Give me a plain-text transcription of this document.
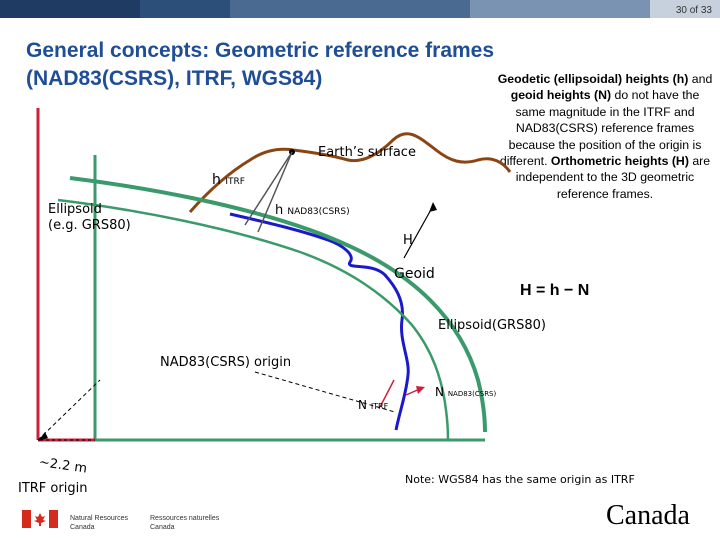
30 of 33
General concepts: Geometric reference frames
(NAD83(CSRS), ITRF, WGS84)	Geodetic (ellipsoidal) heights (h) and geoid heights (N) do not have the same magnitude in the ITRF and NAD83(CSRS) reference frames because the position of the origin is different. Orthometric heights (H) are independent to the 3D geometric reference frames.
H = h − N
Earth’s surface
h ITRF
h NAD83(CSRS)
H
Ellipsoid
(e.g. GRS80)
Geoid
Ellipsoid(GRS80)
NAD83(CSRS) origin
N ITRF
N NAD83(CSRS)
~2.2 m
ITRF origin
Note: WGS84 has the same origin as ITRF
Natural Resources
Canada
Ressources naturelles
Canada	Canada
